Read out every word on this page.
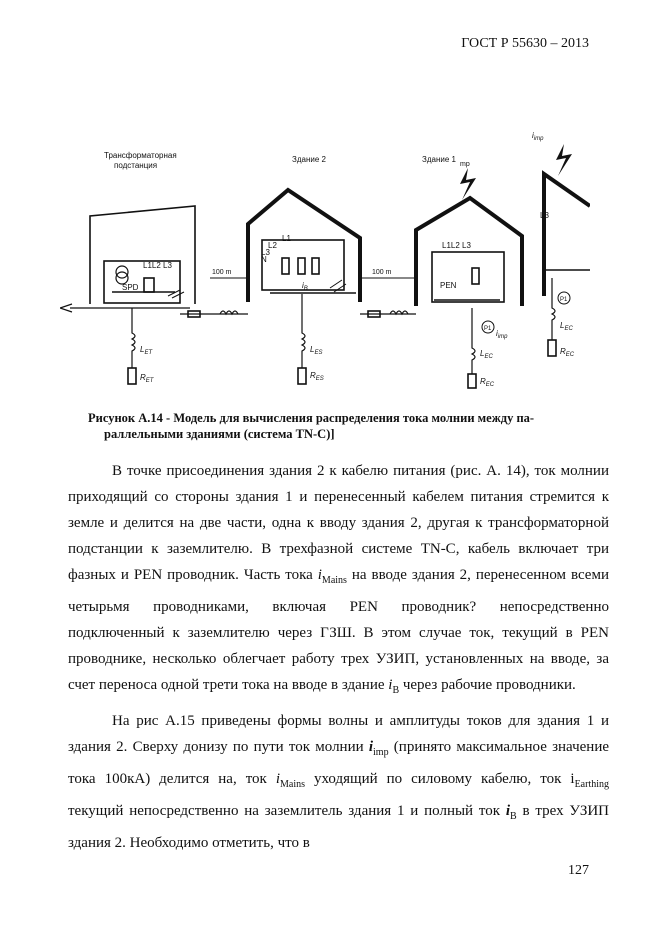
ГОСТ Р 55630 – 2013
Трансформаторная
подстанция
Здание 2	Здание 1
mp
$i_{imp}$
SPD
L1L2 L3
L1
L2
L3
N
L1L2 L3
PEN
L3
100 m	100 m
$i_B$
P1
P1
$i_{imp}$
$L_{ET}$
$R_{ET}$
$L_{ES}$
$R_{ES}$
$L_{EC}$
$R_{EC}$
$L_{EC}$
$R_{EC}$
Рисунок А.14 - Модель для вычисления распределения тока молнии между па-
раллельными зданиями (система TN-C)]

В точке присоединения здания 2 к кабелю питания (рис. А. 14), ток молнии приходящий со стороны здания 1 и перенесенный кабелем питания стремится к земле и делится на две части, одна к вводу здания 2, другая к трансформаторной подстанции к заземлителю. В трехфазной системе TN-C, кабель включает три фазных и PEN проводник. Часть тока $i_{Mains}$ на вводе здания 2, перенесенном всеми четырьмя проводниками, включая PEN проводник? непосредственно подключенный к заземлителю через ГЗШ. В этом случае ток, текущий в PEN проводнике, несколько облегчает работу трех УЗИП, установленных на вводе, за счет переноса одной трети тока на вводе в здание $i_B$ через рабочие проводники.

На рис А.15 приведены формы волны и амплитуды токов для здания 1 и здания 2. Сверху донизу по пути ток молнии $i_{imp}$ (принято максимальное значение тока 100кА) делится на, ток $i_{Mains}$ уходящий по силовому кабелю, ток $i_{Earthing}$ текущий непосредственно на заземлитель здания 1 и полный ток $i_B$ в трех УЗИП здания 2. Необходимо отметить, что в

127
